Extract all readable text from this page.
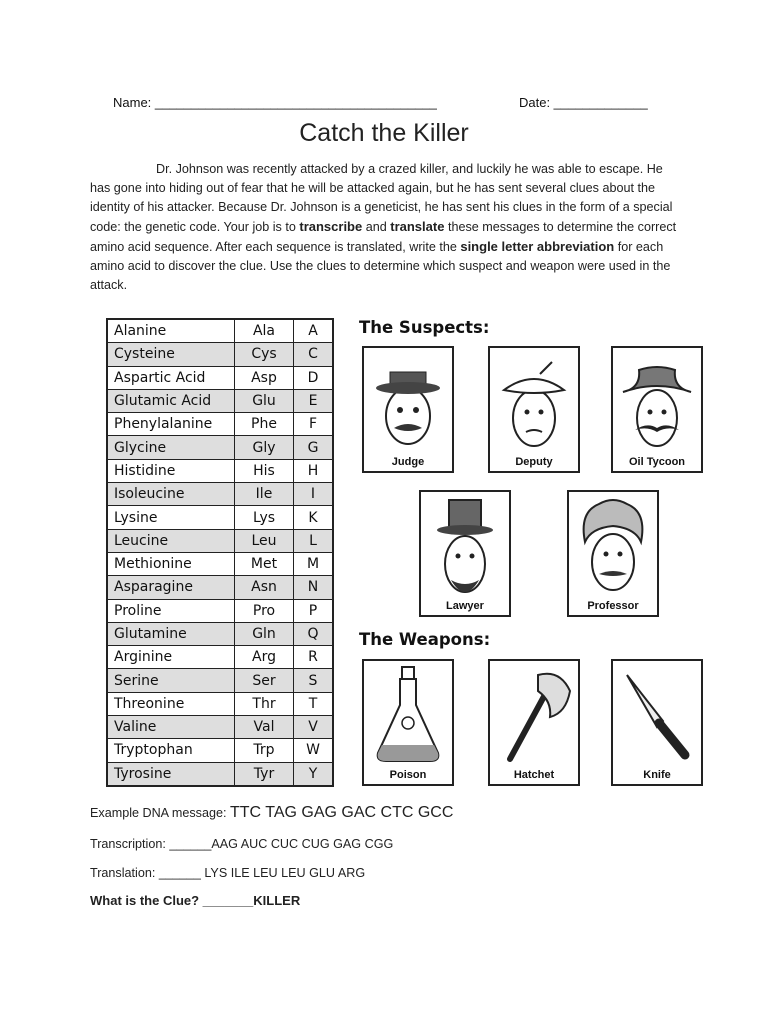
Name: _______________________________________	Date: _____________
Catch the Killer
Dr. Johnson was recently attacked by a crazed killer, and luckily he was able to escape. He has gone into hiding out of fear that he will be attacked again, but he has sent several clues about the identity of his attacker. Because Dr. Johnson is a geneticist, he has sent his clues in the form of a special code: the genetic code. Your job is to transcribe and translate these messages to determine the correct amino acid sequence. After each sequence is translated, write the single letter abbreviation for each amino acid to discover the clue. Use the clues to determine which suspect and weapon were used in the attack.
Alanine	Ala	A
Cysteine	Cys	C
Aspartic Acid	Asp	D
Glutamic Acid	Glu	E
Phenylalanine	Phe	F
Glycine	Gly	G
Histidine	His	H
Isoleucine	Ile	I
Lysine	Lys	K
Leucine	Leu	L
Methionine	Met	M
Asparagine	Asn	N
Proline	Pro	P
Glutamine	Gln	Q
Arginine	Arg	R
Serine	Ser	S
Threonine	Thr	T
Valine	Val	V
Tryptophan	Trp	W
Tyrosine	Tyr	Y
The Suspects:
Judge	Deputy	Oil Tycoon
Lawyer	Professor
The Weapons:
Poison	Hatchet	Knife
Example DNA message: TTC TAG GAG GAC CTC GCC
Transcription: ______AAG AUC CUC CUG GAG CGG
Translation: ______ LYS ILE LEU LEU GLU ARG
What is the Clue? _______KILLER
